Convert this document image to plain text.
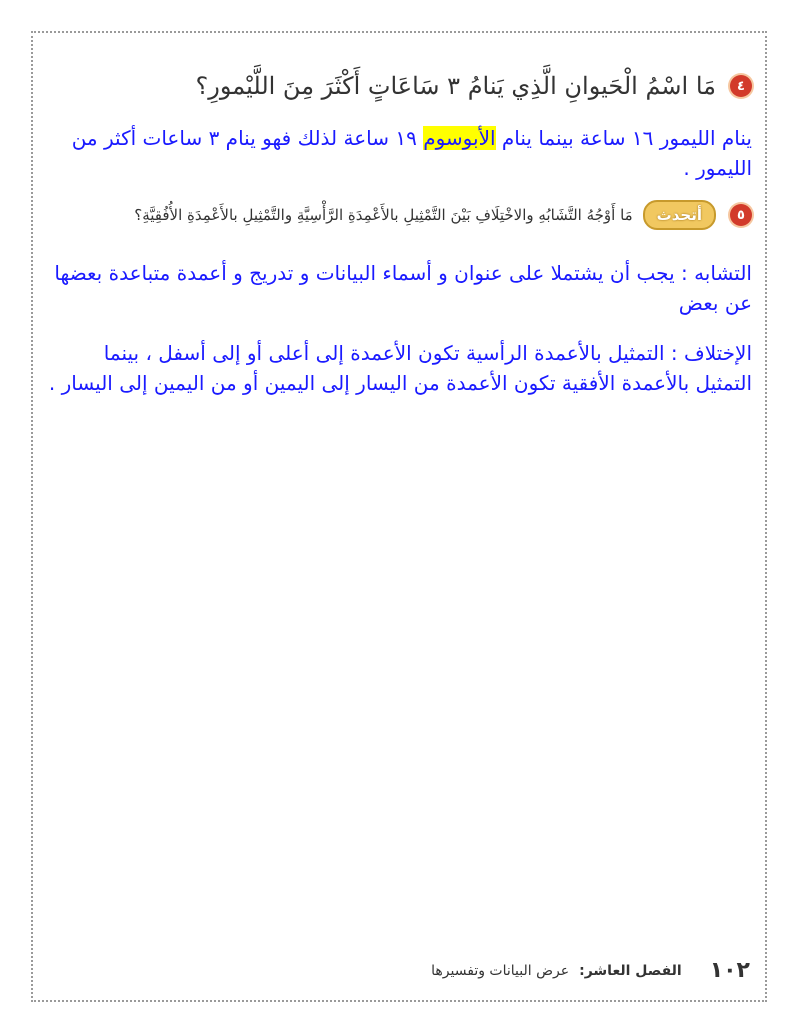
٤
مَا اسْمُ الْحَيوانِ الَّذِي يَنامُ ٣ سَاعَاتٍ أَكْثَرَ مِنَ اللَّيْمورِ؟
ينام الليمور ١٦ ساعة بينما ينام الأبوسوم ١٩ ساعة لذلك فهو ينام ٣ ساعات أكثر من الليمور .
٥
أتحدث
مَا أَوْجُهُ التَّشَابُهِ والاخْتِلَافِ بَيْنَ التَّمْثِيلِ بالأَعْمِدَةِ الرَّأْسِيَّةِ والتَّمْثِيلِ بالأَعْمِدَةِ الأُفُقِيَّةِ؟
التشابه : يجب أن يشتملا على عنوان و أسماء البيانات و تدريج و أعمدة متباعدة بعضها عن بعض
الإختلاف : التمثيل بالأعمدة الرأسية تكون الأعمدة إلى أعلى أو إلى أسفل ، بينما التمثيل بالأعمدة الأفقية تكون الأعمدة من اليسار إلى اليمين أو من اليمين إلى اليسار .
١٠٢
الفصل العاشر:
عرض البيانات وتفسيرها
